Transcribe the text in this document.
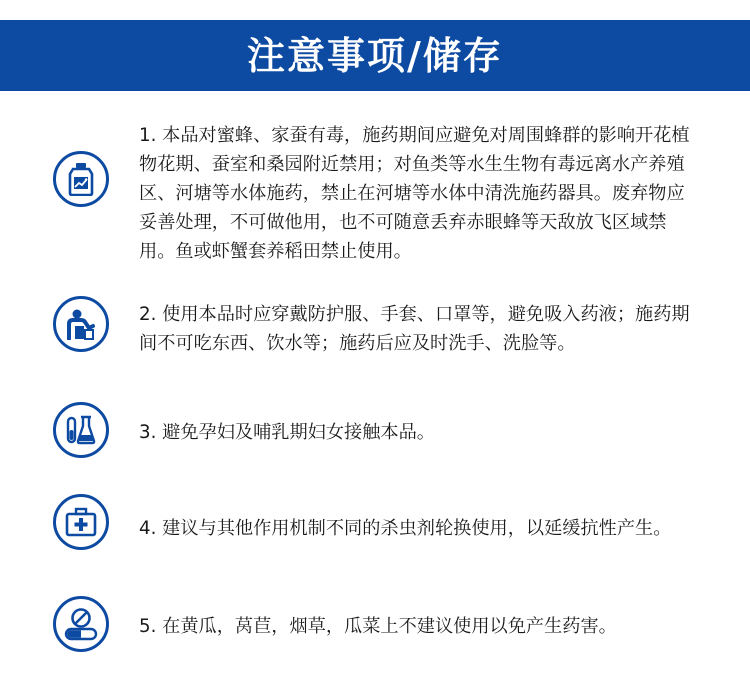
注意事项/储存
1. 本品对蜜蜂、家蚕有毒，施药期间应避免对周围蜂群的影响开花植物花期、蚕室和桑园附近禁用；对鱼类等水生生物有毒远离水产养殖区、河塘等水体施药，禁止在河塘等水体中清洗施药器具。废弃物应妥善处理，不可做他用，也不可随意丢弃赤眼蜂等天敌放飞区域禁用。鱼或虾蟹套养稻田禁止使用。
2. 使用本品时应穿戴防护服、手套、口罩等，避免吸入药液；施药期间不可吃东西、饮水等；施药后应及时洗手、洗脸等。
3. 避免孕妇及哺乳期妇女接触本品。
4. 建议与其他作用机制不同的杀虫剂轮换使用，以延缓抗性产生。
5. 在黄瓜，莴苣，烟草，瓜菜上不建议使用以免产生药害。
